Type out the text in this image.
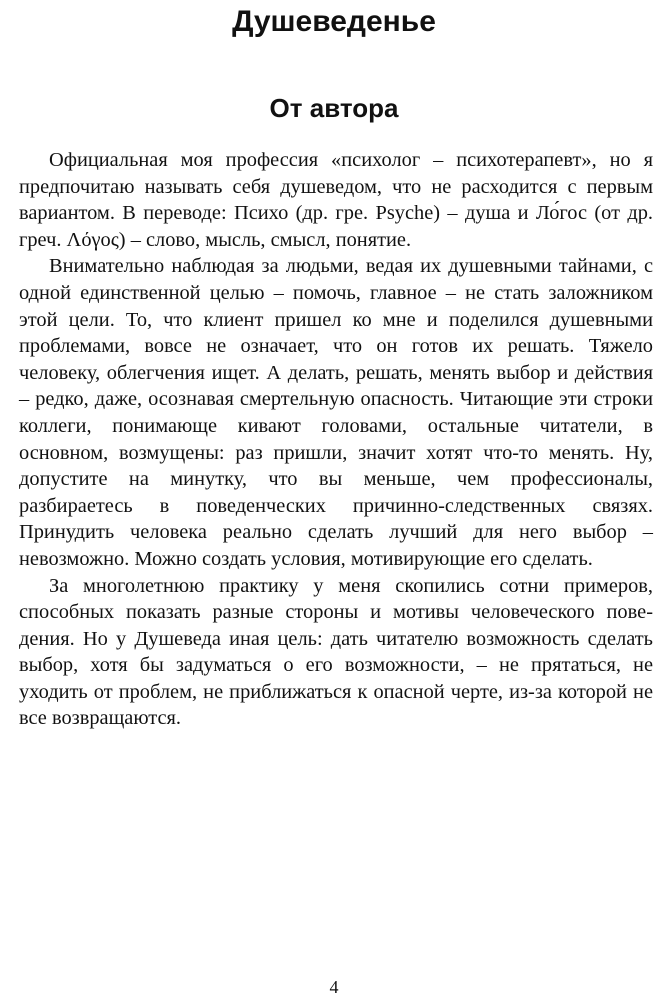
Душеведенье
От автора

Официальная моя профессия «психолог – психотерапевт», но я предпочитаю называть себя душеведом, что не расходится с первым вариантом. В переводе: Психо (др. гре. Psyche) – душа и Ло́гос (от др. греч. Λόγος) – слово, мысль, смысл, понятие.

Внимательно наблюдая за людьми, ведая их душевными тайнами, с одной единственной целью – помочь, главное – не стать заложником этой цели. То, что клиент пришел ко мне и поделился душевными проблемами, вовсе не означает, что он готов их решать. Тяжело человеку, облегчения ищет. А делать, решать, менять выбор и действия – редко, даже, осознавая смертельную опасность. Читающие эти строки коллеги, понимающе кивают головами, остальные читатели, в основном, возмущены: раз пришли, значит хотят что-то менять. Ну, допустите на минутку, что вы меньше, чем профессионалы, разбираетесь в поведенческих причинно-следственных связях. Принудить человека реально сделать лучший для него выбор – невозможно. Можно создать условия, мотивирующие его сделать.

За многолетнюю практику у меня скопились сотни примеров, способных показать разные стороны и мотивы человеческого поведения. Но у Душеведа иная цель: дать читателю возможность сделать выбор, хотя бы задуматься о его возможности, – не прятаться, не уходить от проблем, не приближаться к опасной черте, из-за которой не все возвращаются.

4
